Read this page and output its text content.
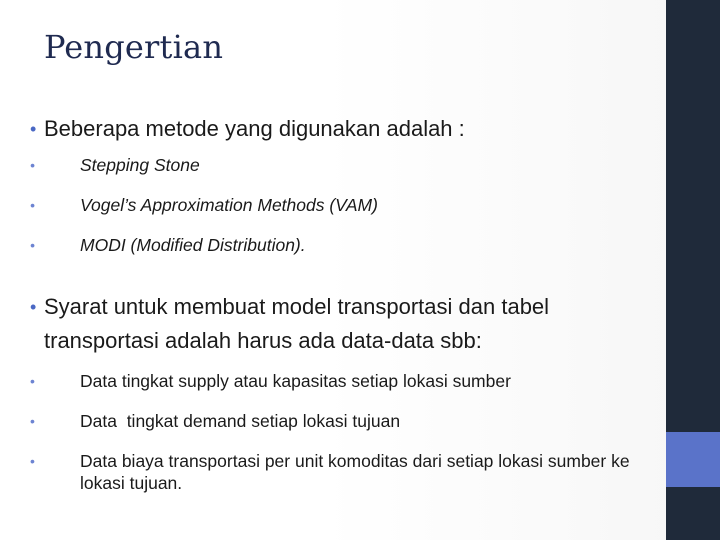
Pengertian
• Beberapa metode yang digunakan adalah :
•	Stepping Stone
•	Vogel’s Approximation Methods (VAM)
•	MODI (Modified Distribution).
• Syarat untuk membuat model transportasi dan tabel transportasi adalah harus ada data-data sbb:
•	Data tingkat supply atau kapasitas setiap lokasi sumber
•	Data  tingkat demand setiap lokasi tujuan
•	Data biaya transportasi per unit komoditas dari setiap lokasi sumber ke lokasi tujuan.
